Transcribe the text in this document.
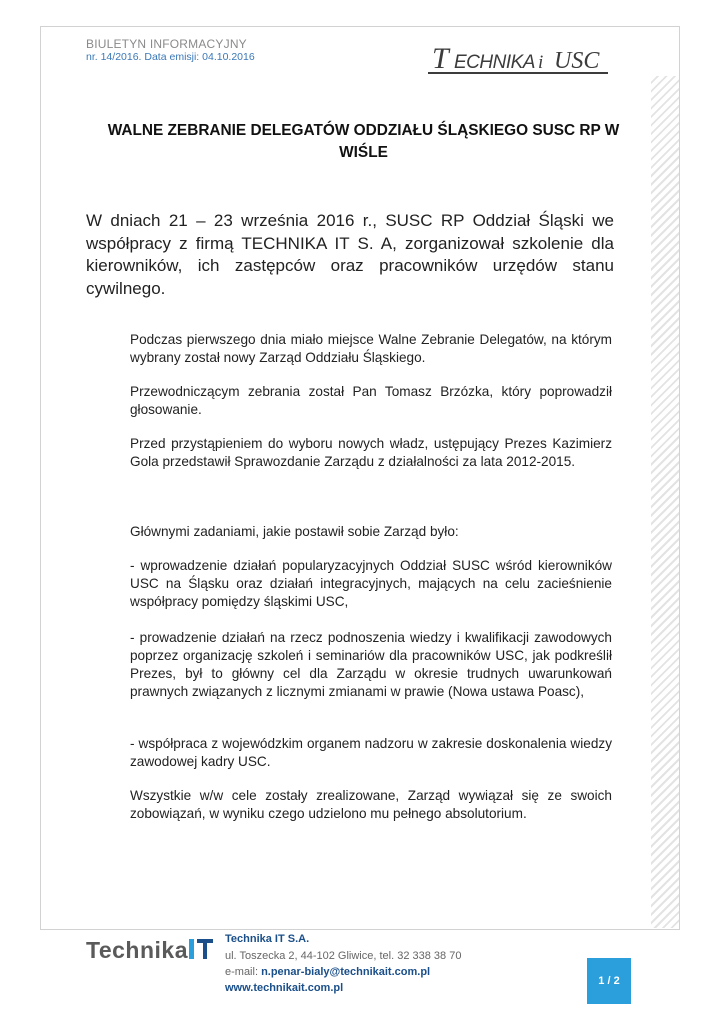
BIULETYN INFORMACYJNY
nr. 14/2016. Data emisji: 04.10.2016	T ECHNIKA i USC
WALNE ZEBRANIE DELEGATÓW ODDZIAŁU ŚLĄSKIEGO SUSC RP W WIŚLE
W dniach 21 – 23 września 2016 r., SUSC RP Oddział Śląski we współpracy z firmą TECHNIKA IT S. A, zorganizował szkolenie dla kierowników, ich zastępców oraz pracowników urzędów stanu cywilnego.
Podczas pierwszego dnia miało miejsce Walne Zebranie Delegatów, na którym wybrany został nowy Zarząd Oddziału Śląskiego.
Przewodniczącym zebrania został Pan Tomasz Brzózka, który poprowadził głosowanie.
Przed przystąpieniem do wyboru nowych władz, ustępujący Prezes Kazimierz Gola przedstawił Sprawozdanie Zarządu z działalności za lata 2012-2015.
Głównymi zadaniami, jakie postawił sobie Zarząd było:
- wprowadzenie działań popularyzacyjnych Oddział SUSC wśród kierowników USC na Śląsku oraz działań integracyjnych, mających na celu zacieśnienie współpracy pomiędzy śląskimi USC,
- prowadzenie działań na rzecz podnoszenia wiedzy i kwalifikacji zawodowych poprzez organizację szkoleń i seminariów dla pracowników USC, jak podkreślił Prezes, był to główny cel dla Zarządu w okresie trudnych uwarunkowań prawnych związanych z licznymi zmianami w prawie (Nowa ustawa Poasc),
- współpraca z wojewódzkim organem nadzoru w zakresie doskonalenia wiedzy zawodowej kadry USC.
Wszystkie w/w cele zostały zrealizowane, Zarząd wywiązał się ze swoich zobowiązań, w wyniku czego udzielono mu pełnego absolutorium.
Technika	Technika IT S.A.
ul. Toszecka 2, 44-102 Gliwice, tel. 32 338 38 70
e-mail: n.penar-bialy@technikait.com.pl
www.technikait.com.pl
1 / 2
